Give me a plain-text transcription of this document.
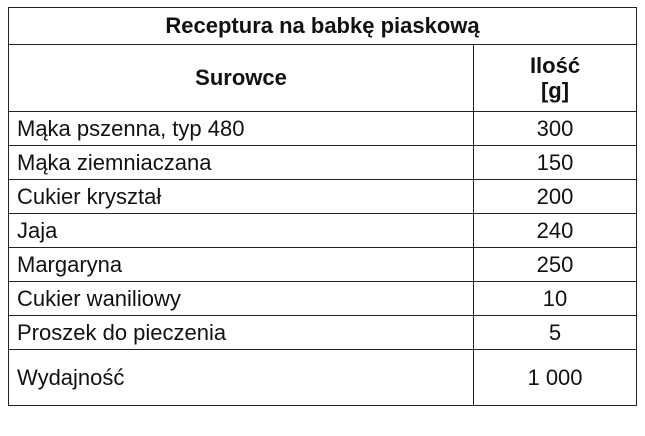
Receptura na babkę piaskową	
Surowce	Ilość
[g]

Mąka pszenna, typ 480	300
Mąka ziemniaczana	150
Cukier kryształ	200
Jaja	240
Margaryna	250
Cukier waniliowy	10
Proszek do pieczenia	5
Wydajność	1 000
